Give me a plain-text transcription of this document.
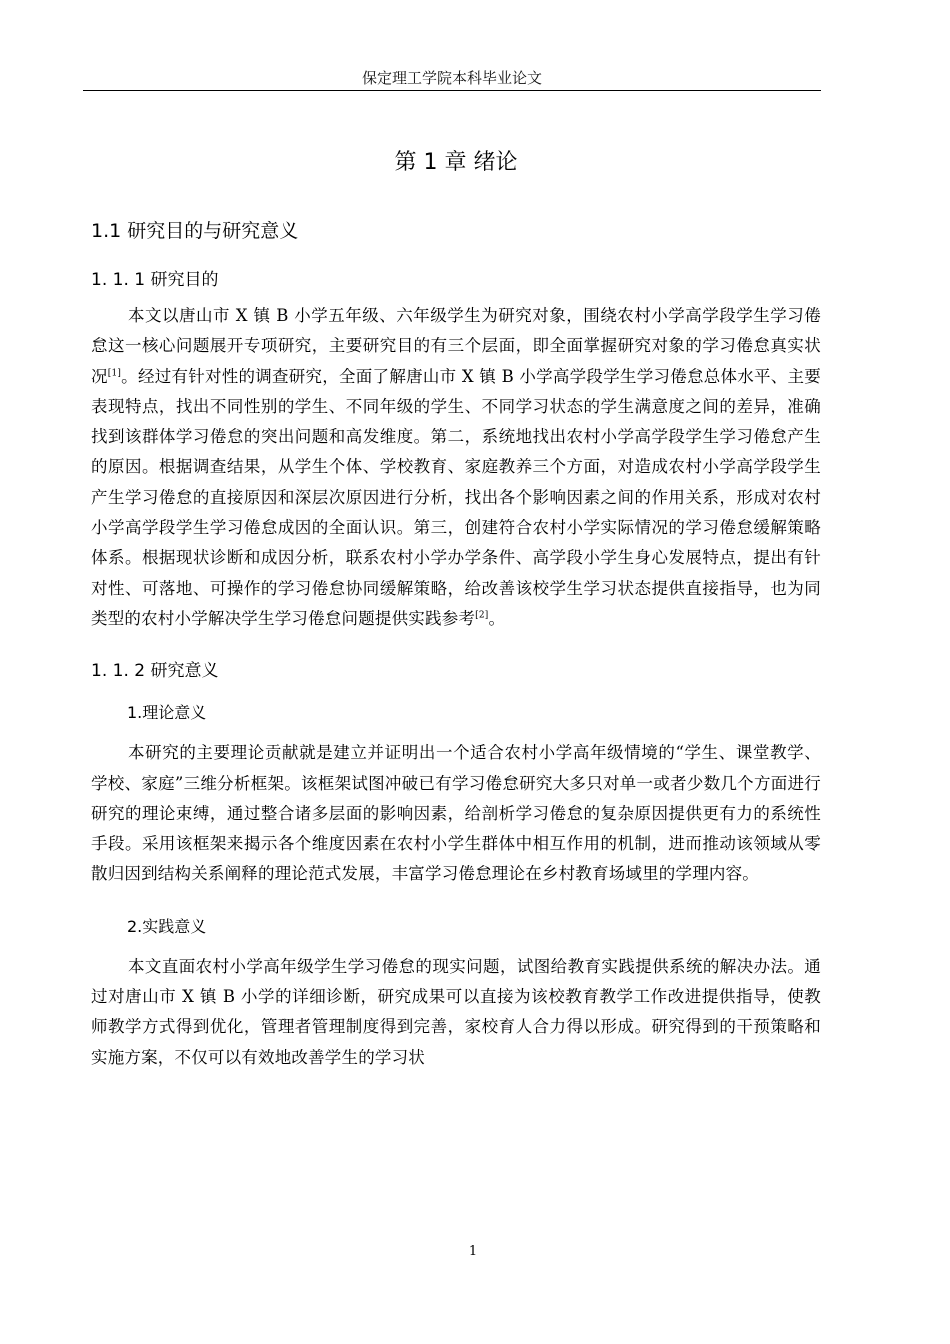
保定理工学院本科毕业论文
第 1 章 绪论
1.1 研究目的与研究意义
1. 1. 1 研究目的

本文以唐山市 X 镇 B 小学五年级、六年级学生为研究对象，围绕农村小学高学段学生学习倦怠这一核心问题展开专项研究，主要研究目的有三个层面，即全面掌握研究对象的学习倦怠真实状况[1]。经过有针对性的调查研究，全面了解唐山市 X 镇 B 小学高学段学生学习倦怠总体水平、主要表现特点，找出不同性别的学生、不同年级的学生、不同学习状态的学生满意度之间的差异，准确找到该群体学习倦怠的突出问题和高发维度。第二，系统地找出农村小学高学段学生学习倦怠产生的原因。根据调查结果，从学生个体、学校教育、家庭教养三个方面，对造成农村小学高学段学生产生学习倦怠的直接原因和深层次原因进行分析，找出各个影响因素之间的作用关系，形成对农村小学高学段学生学习倦怠成因的全面认识。第三，创建符合农村小学实际情况的学习倦怠缓解策略体系。根据现状诊断和成因分析，联系农村小学办学条件、高学段小学生身心发展特点，提出有针对性、可落地、可操作的学习倦怠协同缓解策略，给改善该校学生学习状态提供直接指导，也为同类型的农村小学解决学生学习倦怠问题提供实践参考[2]。

1. 1. 2 研究意义
1.理论意义

本研究的主要理论贡献就是建立并证明出一个适合农村小学高年级情境的“学生、课堂教学、学校、家庭”三维分析框架。该框架试图冲破已有学习倦怠研究大多只对单一或者少数几个方面进行研究的理论束缚，通过整合诸多层面的影响因素，给剖析学习倦怠的复杂原因提供更有力的系统性手段。采用该框架来揭示各个维度因素在农村小学生群体中相互作用的机制，进而推动该领域从零散归因到结构关系阐释的理论范式发展，丰富学习倦怠理论在乡村教育场域里的学理内容。

2.实践意义

本文直面农村小学高年级学生学习倦怠的现实问题，试图给教育实践提供系统的解决办法。通过对唐山市 X 镇 B 小学的详细诊断，研究成果可以直接为该校教育教学工作改进提供指导，使教师教学方式得到优化，管理者管理制度得到完善，家校育人合力得以形成。研究得到的干预策略和实施方案，不仅可以有效地改善学生的学习状

1
